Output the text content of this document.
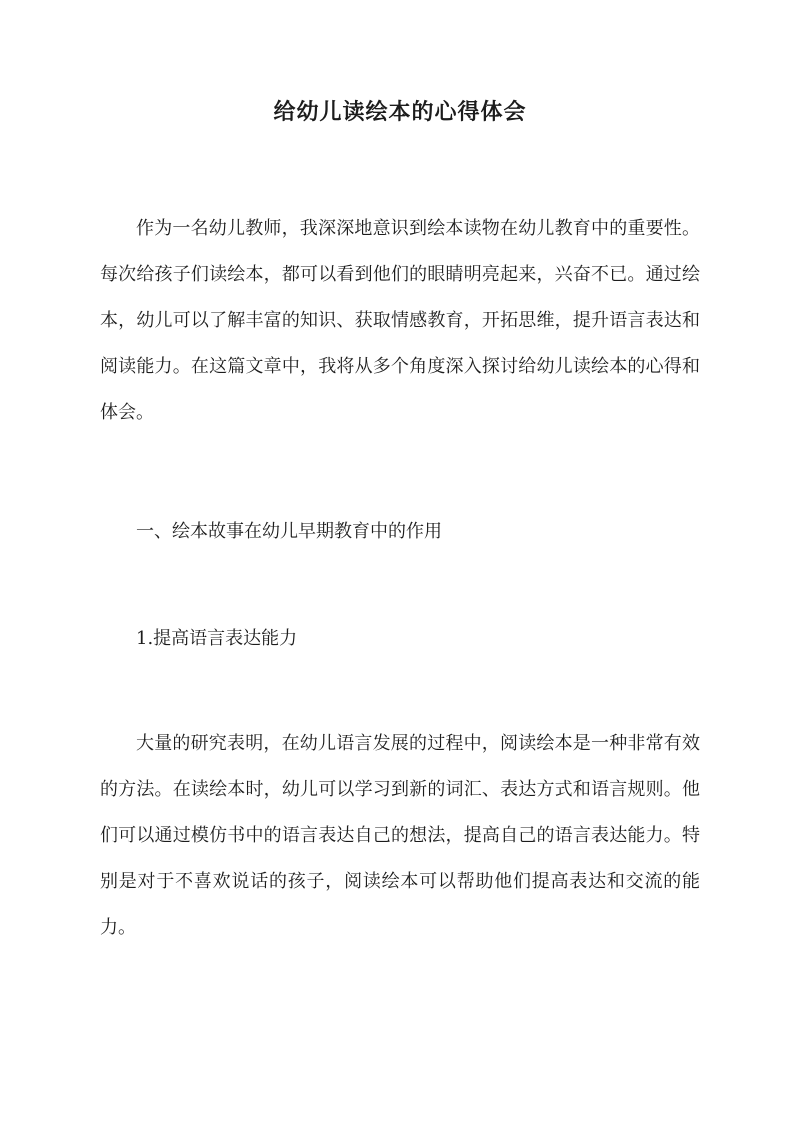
给幼儿读绘本的心得体会

作为一名幼儿教师，我深深地意识到绘本读物在幼儿教育中的重要性。每次给孩子们读绘本，都可以看到他们的眼睛明亮起来，兴奋不已。通过绘本，幼儿可以了解丰富的知识、获取情感教育，开拓思维，提升语言表达和阅读能力。在这篇文章中，我将从多个角度深入探讨给幼儿读绘本的心得和体会。

一、绘本故事在幼儿早期教育中的作用
1.提高语言表达能力

大量的研究表明，在幼儿语言发展的过程中，阅读绘本是一种非常有效的方法。在读绘本时，幼儿可以学习到新的词汇、表达方式和语言规则。他们可以通过模仿书中的语言表达自己的想法，提高自己的语言表达能力。特别是对于不喜欢说话的孩子，阅读绘本可以帮助他们提高表达和交流的能力。
